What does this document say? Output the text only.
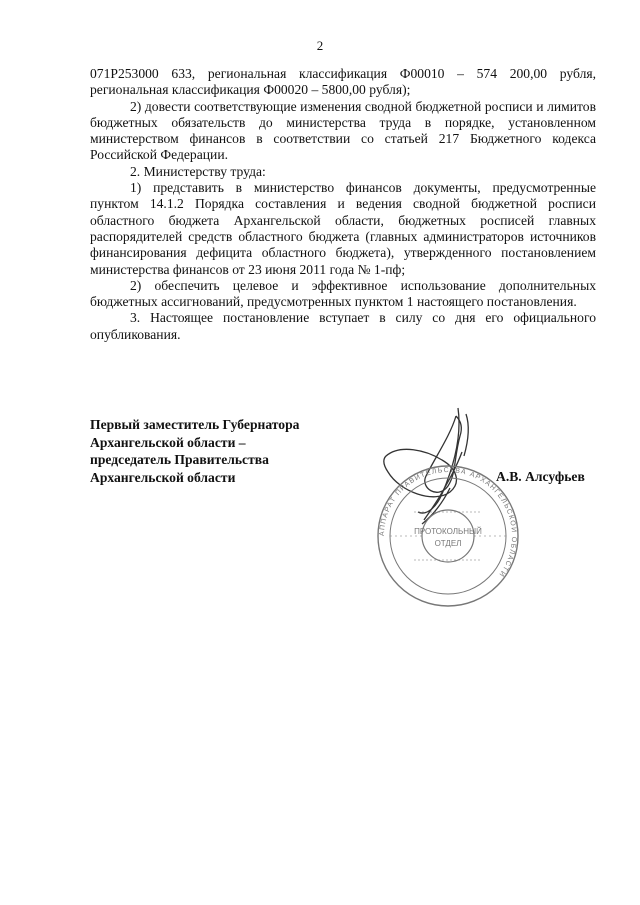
2

071P253000 633, региональная классификация Ф00010 – 574 200,00 рубля, региональная классификация Ф00020 – 5800,00 рубля);

2) довести соответствующие изменения сводной бюджетной росписи и лимитов бюджетных обязательств до министерства труда в порядке, установленном министерством финансов в соответствии со статьей 217 Бюджетного кодекса Российской Федерации.

2. Министерству труда:

1) представить в министерство финансов документы, предусмотренные пунктом 14.1.2 Порядка составления и ведения сводной бюджетной росписи областного бюджета Архангельской области, бюджетных росписей главных распорядителей средств областного бюджета (главных администраторов источников финансирования дефицита областного бюджета), утвержденного постановлением министерства финансов от 23 июня 2011 года № 1-пф;

2) обеспечить целевое и эффективное использование дополнительных бюджетных ассигнований, предусмотренных пунктом 1 настоящего постановления.

3. Настоящее постановление вступает в силу со дня его официального опубликования.

Первый заместитель Губернатора
Архангельской области –
председатель Правительства
Архангельской области	А.В. Алсуфьев
АППАРАТ ПРАВИТЕЛЬСТВА АРХАНГЕЛЬСКОЙ ОБЛАСТИ
ПРОТОКОЛЬНЫЙ
ОТДЕЛ
